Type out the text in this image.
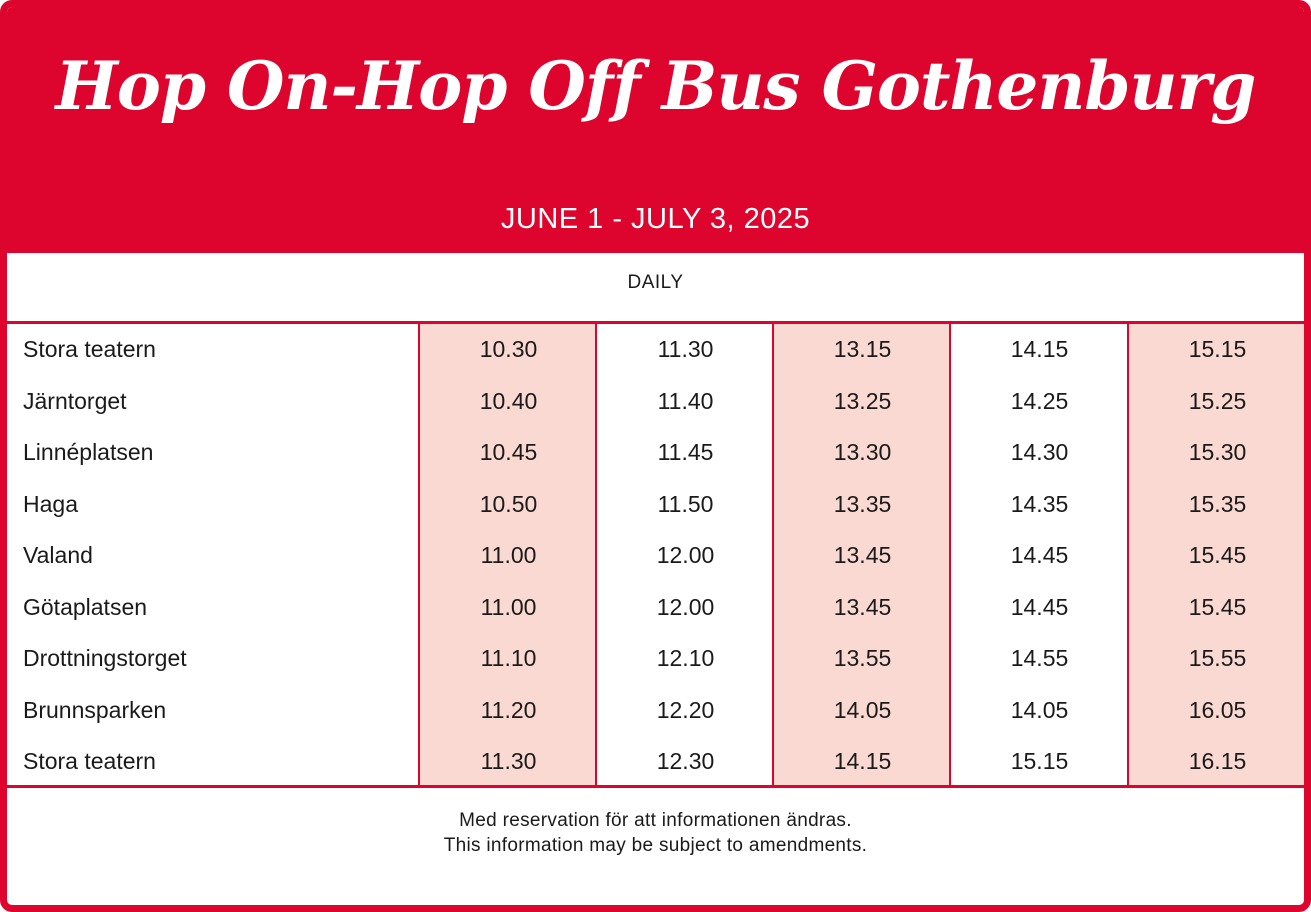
Hop On-Hop Off Bus Gothenburg
JUNE 1 - JULY 3, 2025
DAILY
Stora teatern	10.30	11.30	13.15	14.15	15.15
Järntorget	10.40	11.40	13.25	14.25	15.25
Linnéplatsen	10.45	11.45	13.30	14.30	15.30
Haga	10.50	11.50	13.35	14.35	15.35
Valand	11.00	12.00	13.45	14.45	15.45
Götaplatsen	11.00	12.00	13.45	14.45	15.45
Drottningstorget	11.10	12.10	13.55	14.55	15.55
Brunnsparken	11.20	12.20	14.05	14.05	16.05
Stora teatern	11.30	12.30	14.15	15.15	16.15
Med reservation för att informationen ändras.
This information may be subject to amendments.
